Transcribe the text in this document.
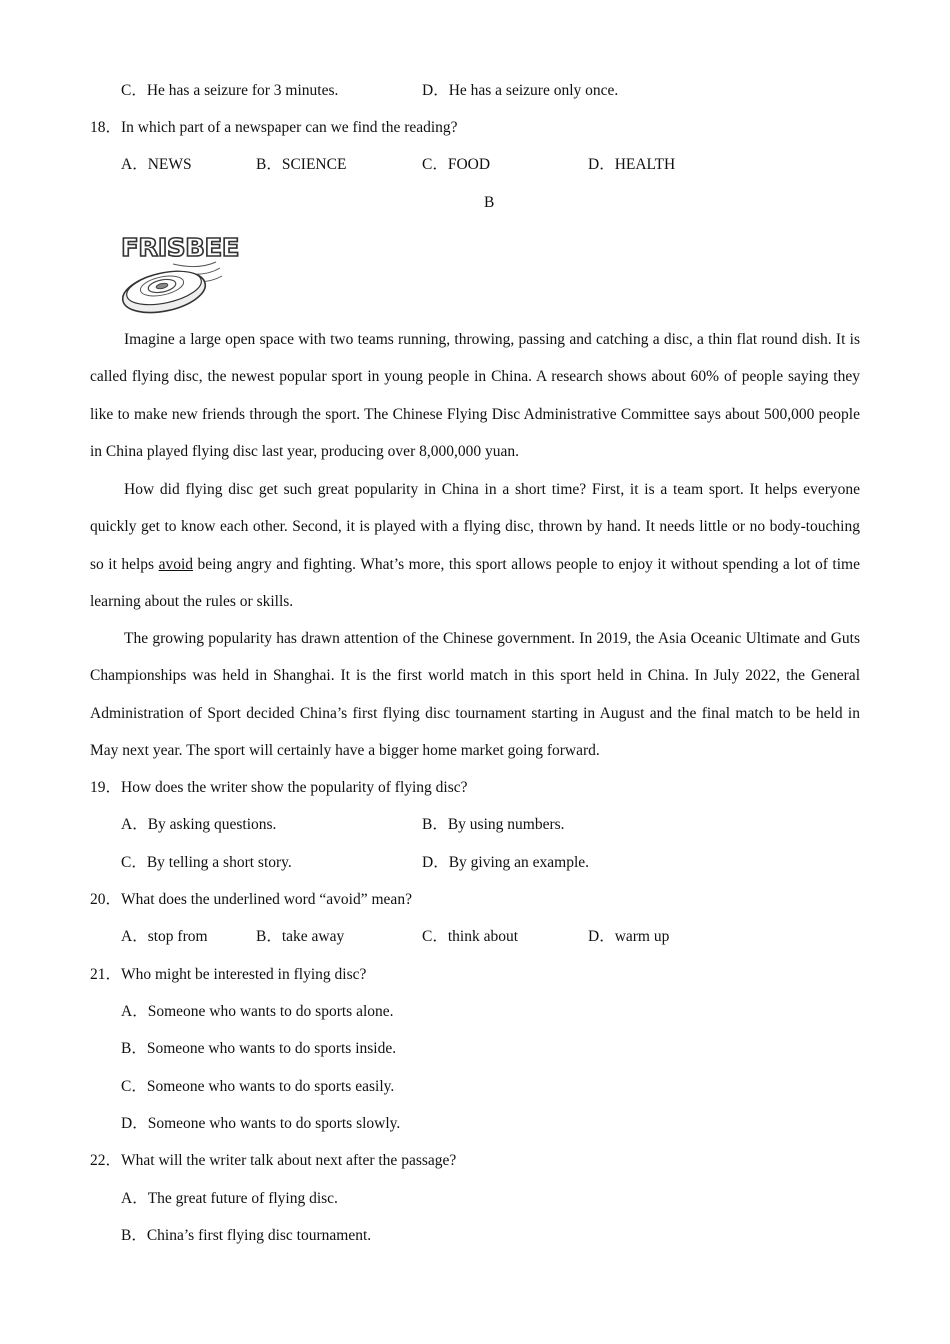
C．He has a seizure for 3 minutes.	D．He has a seizure only once.
18．In which part of a newspaper can we find the reading?
A．NEWS	B．SCIENCE	C．FOOD	D．HEALTH
B
FRISBEE

Imagine a large open space with two teams running, throwing, passing and catching a disc, a thin flat round dish. It is called flying disc, the newest popular sport in young people in China. A research shows about 60% of people saying they like to make new friends through the sport. The Chinese Flying Disc Administrative Committee says about 500,000 people in China played flying disc last year, producing over 8,000,000 yuan.

How did flying disc get such great popularity in China in a short time? First, it is a team sport. It helps everyone quickly get to know each other. Second, it is played with a flying disc, thrown by hand. It needs little or no body-touching so it helps avoid being angry and fighting. What’s more, this sport allows people to enjoy it without spending a lot of time learning about the rules or skills.

The growing popularity has drawn attention of the Chinese government. In 2019, the Asia Oceanic Ultimate and Guts Championships was held in Shanghai. It is the first world match in this sport held in China. In July 2022, the General Administration of Sport decided China’s first flying disc tournament starting in August and the final match to be held in May next year. The sport will certainly have a bigger home market going forward.

19．How does the writer show the popularity of flying disc?
A．By asking questions.	B．By using numbers.
C．By telling a short story.	D．By giving an example.
20．What does the underlined word “avoid” mean?
A．stop from	B．take away	C．think about	D．warm up
21．Who might be interested in flying disc?
A．Someone who wants to do sports alone.
B．Someone who wants to do sports inside.
C．Someone who wants to do sports easily.
D．Someone who wants to do sports slowly.
22．What will the writer talk about next after the passage?
A．The great future of flying disc.
B．China’s first flying disc tournament.
